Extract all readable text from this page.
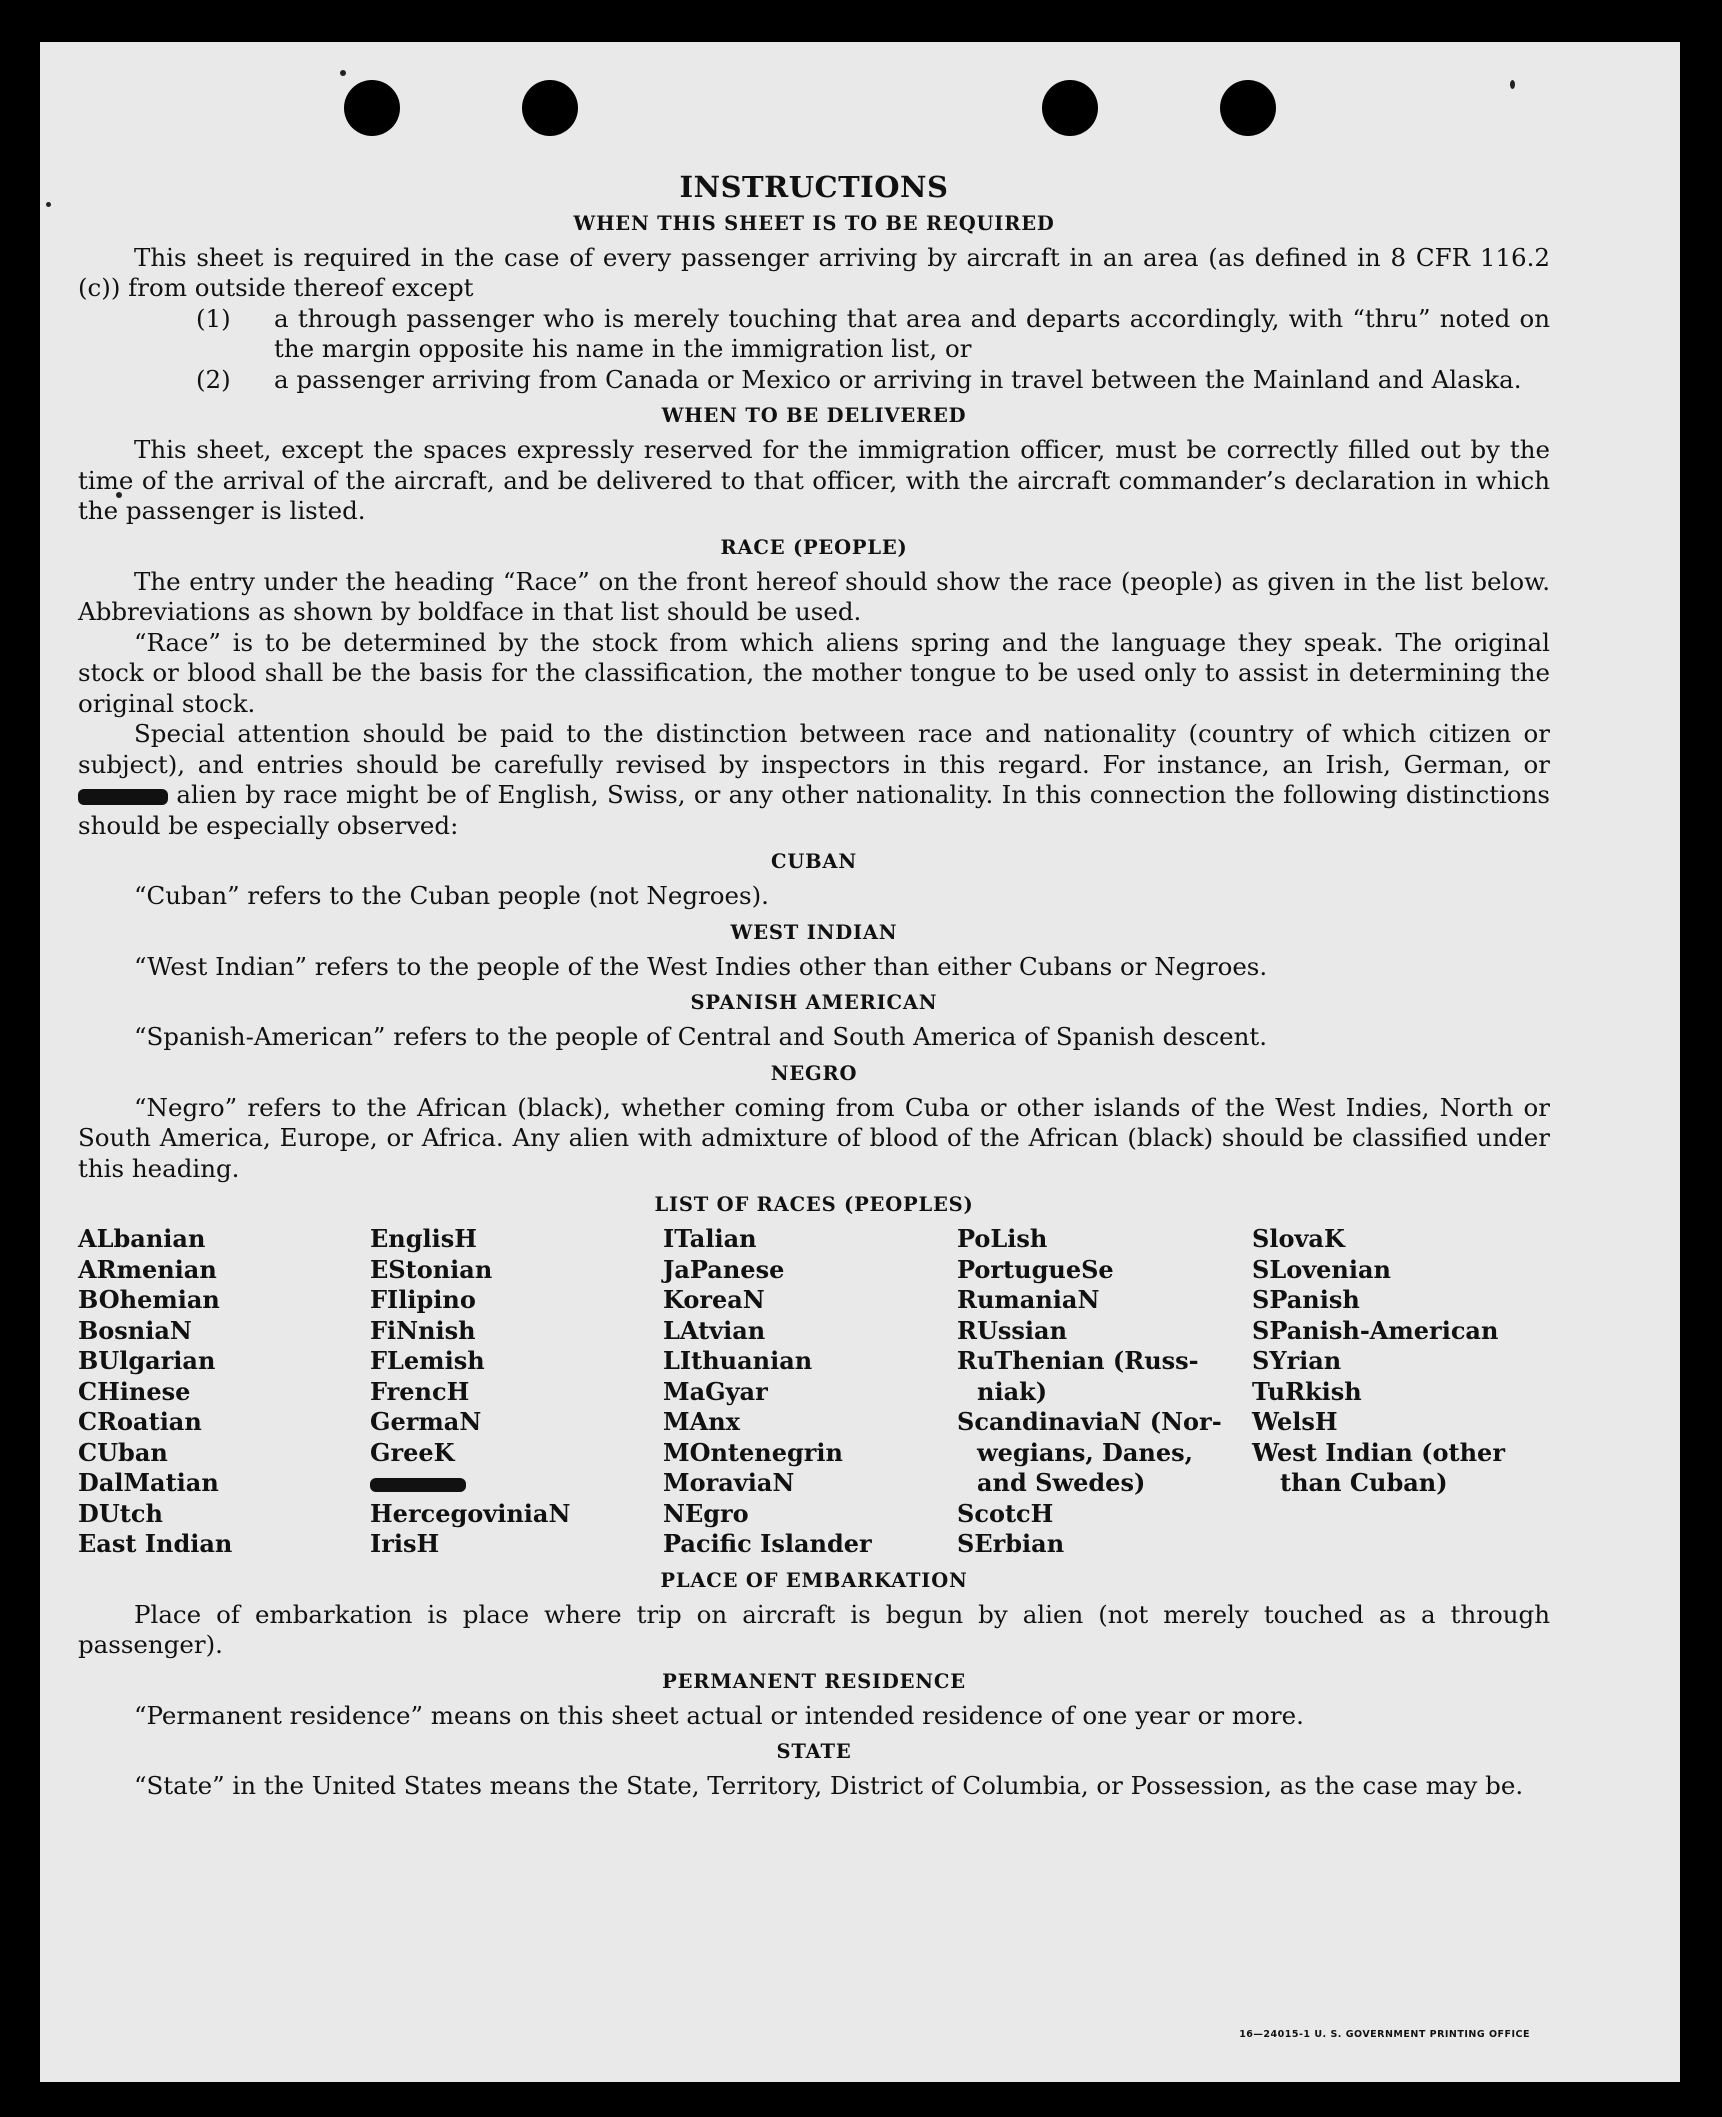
INSTRUCTIONS
WHEN THIS SHEET IS TO BE REQUIRED

This sheet is required in the case of every passenger arriving by aircraft in an area (as defined in 8 CFR 116.2 (c)) from outside thereof except

(1)	a through passenger who is merely touching that area and departs accordingly, with “thru” noted on the margin opposite his name in the immigration list, or
(2)	a passenger arriving from Canada or Mexico or arriving in travel between the Mainland and Alaska.
WHEN TO BE DELIVERED

This sheet, except the spaces expressly reserved for the immigration officer, must be correctly filled out by the time of the arrival of the aircraft, and be delivered to that officer, with the aircraft commander’s declaration in which the passenger is listed.

RACE (PEOPLE)

The entry under the heading “Race” on the front hereof should show the race (people) as given in the list below. Abbreviations as shown by boldface in that list should be used.

“Race” is to be determined by the stock from which aliens spring and the language they speak. The original stock or blood shall be the basis for the classification, the mother tongue to be used only to assist in determining the original stock.

Special attention should be paid to the distinction between race and nationality (country of which citizen or subject), and entries should be carefully revised by inspectors in this regard. For instance, an Irish, German, or  alien by race might be of English, Swiss, or any other nationality. In this connection the following distinctions should be especially observed:

CUBAN

“Cuban” refers to the Cuban people (not Negroes).

WEST INDIAN

“West Indian” refers to the people of the West Indies other than either Cubans or Negroes.

SPANISH AMERICAN

“Spanish-American” refers to the people of Central and South America of Spanish descent.

NEGRO

“Negro” refers to the African (black), whether coming from Cuba or other islands of the West Indies, North or South America, Europe, or Africa. Any alien with admixture of blood of the African (black) should be classified under this heading.

LIST OF RACES (PEOPLES)
ALbanian
ARmenian
BOhemian
BosniaN
BUlgarian
CHinese
CRoatian
CUban
DalMatian
DUtch
East Indian
EnglisH
EStonian
FIlipino
FiNnish
FLemish
FrencH
GermaN
GreeK
HercegoviniaN
IrisH
ITalian
JaPanese
KoreaN
LAtvian
LIthuanian
MaGyar
MAnx
MOntenegrin
MoraviaN
NEgro
Pacific Islander
PoLish
PortugueSe
RumaniaN
RUssian
RuThenian (Russ-
niak)
ScandinaviaN (Nor-
wegians, Danes,
and Swedes)
ScotcH
SErbian
SlovaK
SLovenian
SPanish
SPanish-American
SYrian
TuRkish
WelsH
West Indian (other
than Cuban)
PLACE OF EMBARKATION

Place of embarkation is place where trip on aircraft is begun by alien (not merely touched as a through passenger).

PERMANENT RESIDENCE

“Permanent residence” means on this sheet actual or intended residence of one year or more.

STATE

“State” in the United States means the State, Territory, District of Columbia, or Possession, as the case may be.

16—24015-1 U. S. GOVERNMENT PRINTING OFFICE
